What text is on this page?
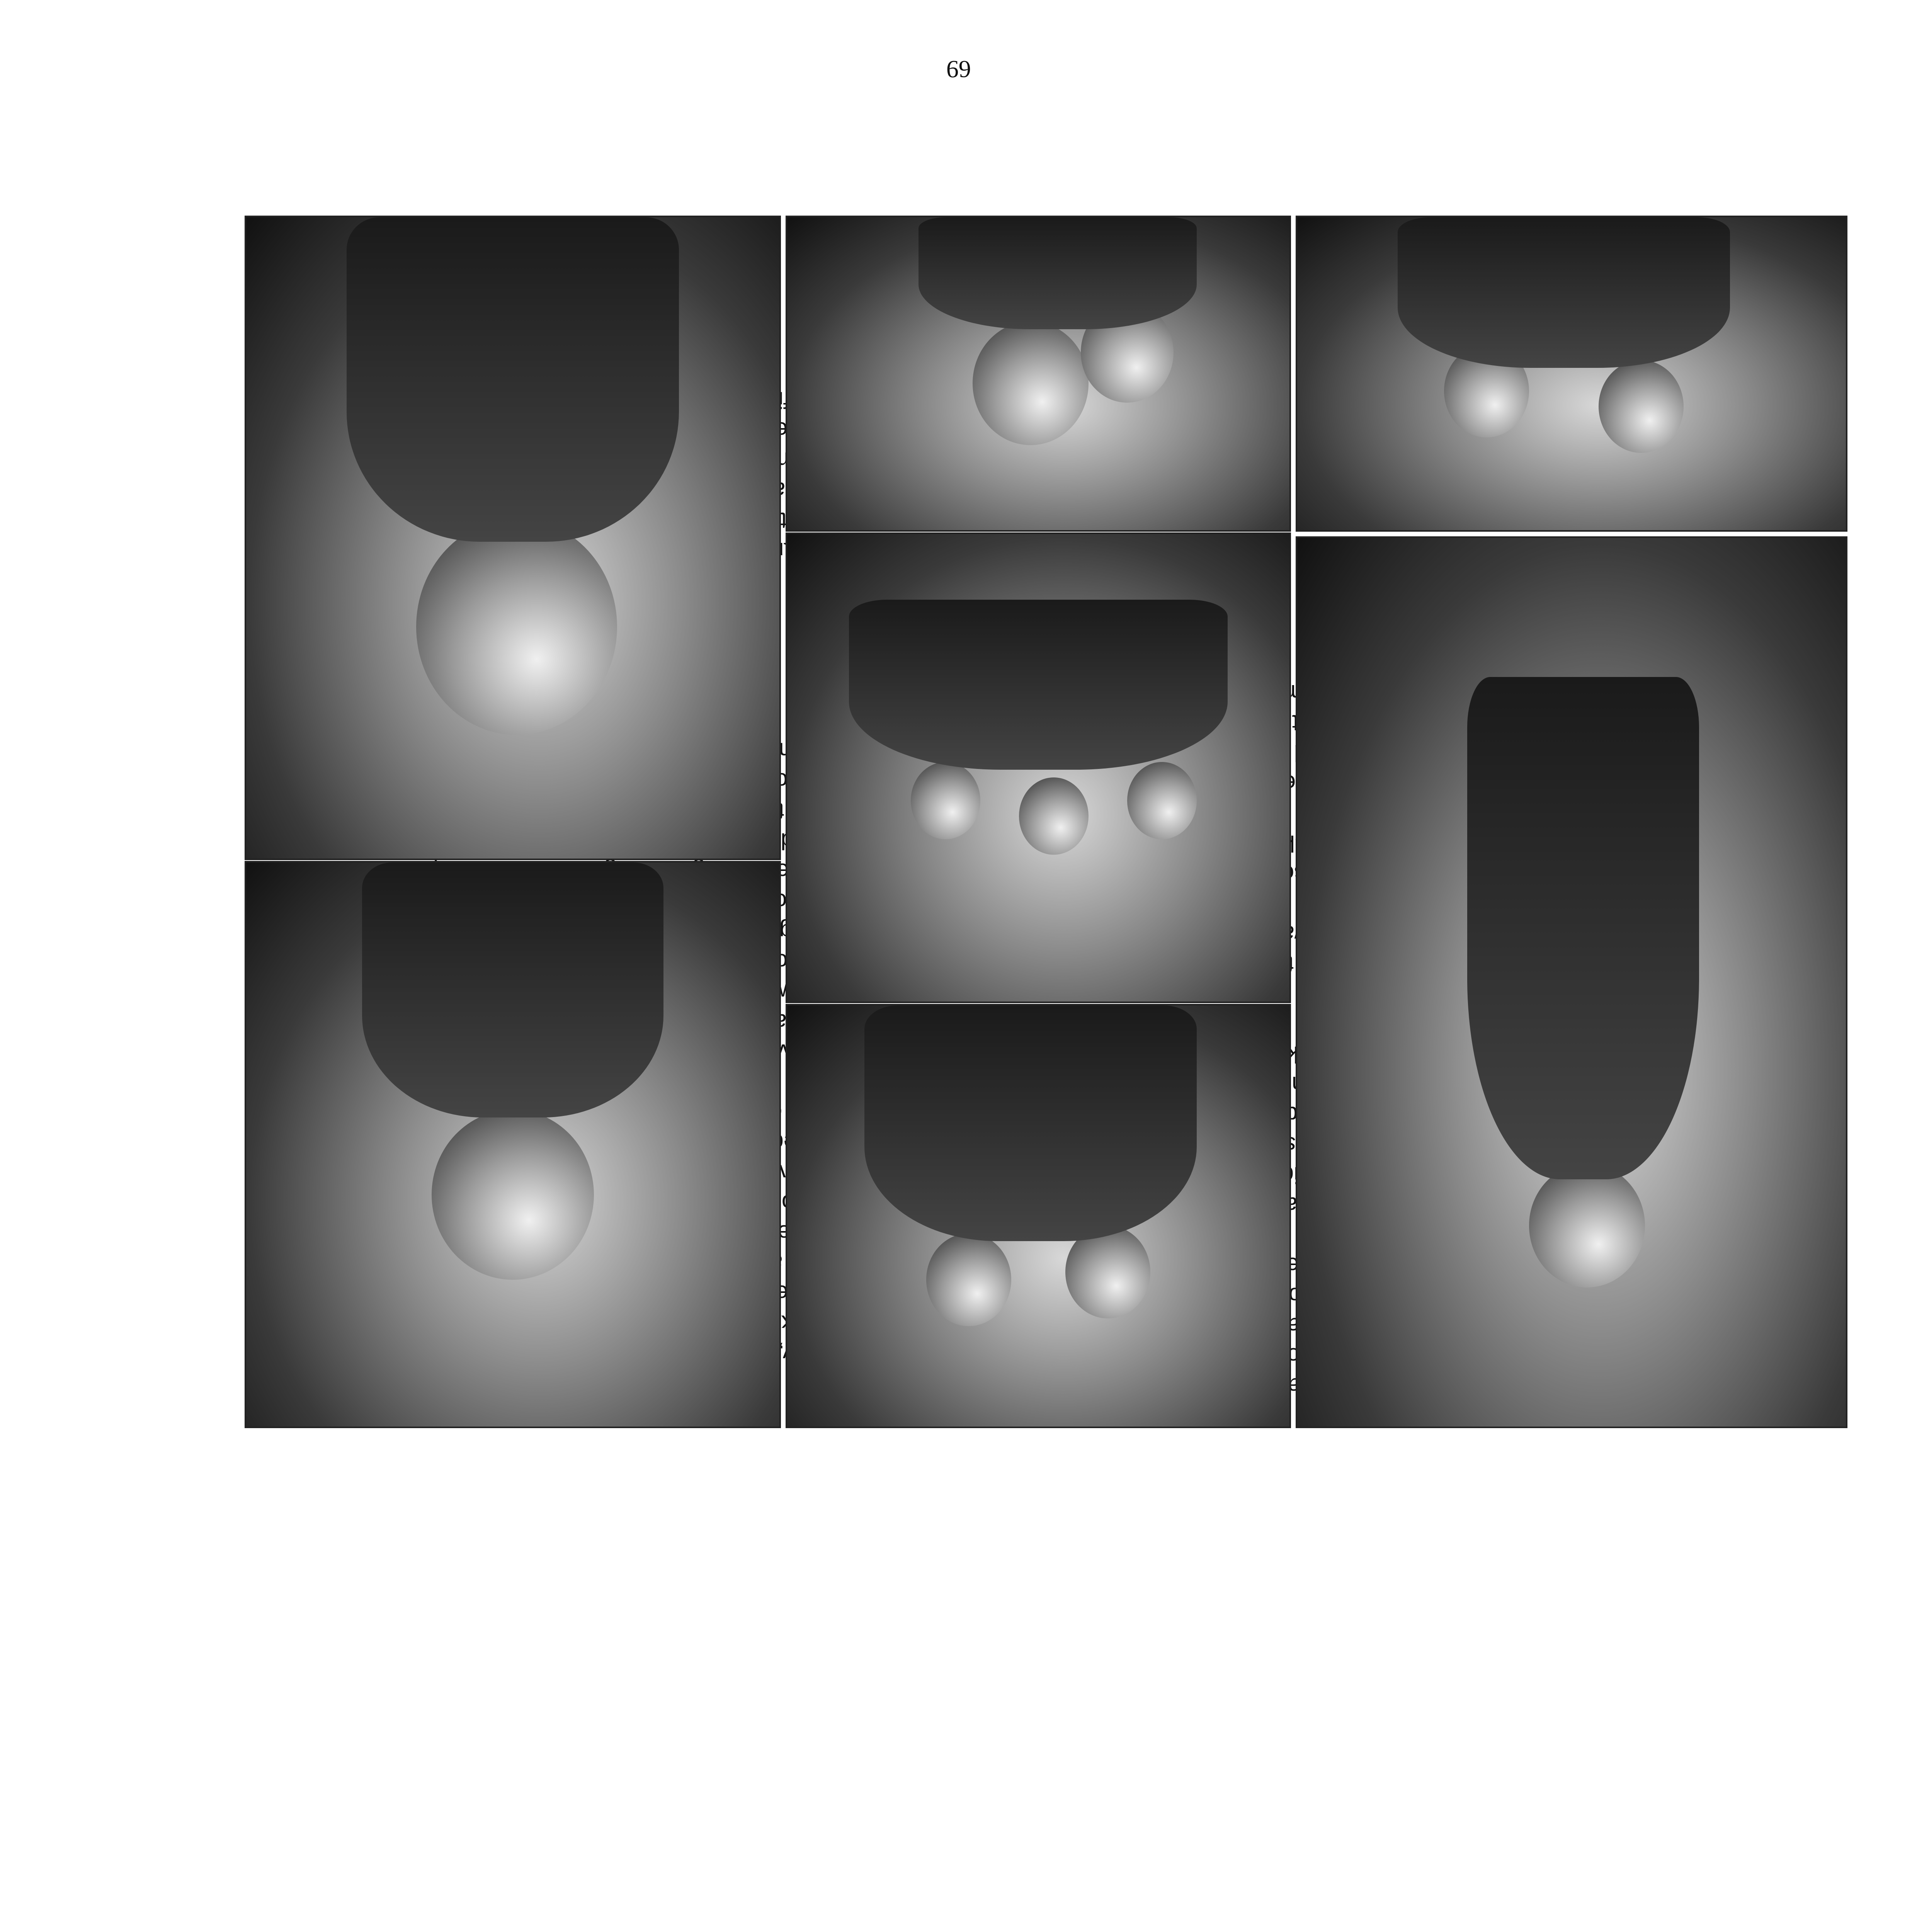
seven

Ram along

that

time

69
